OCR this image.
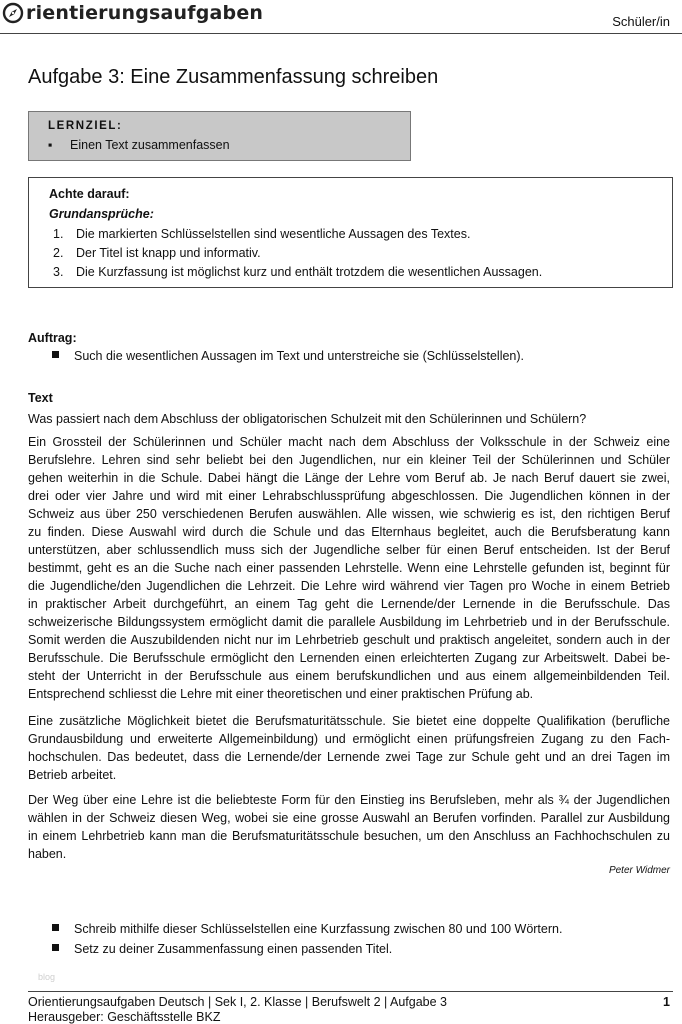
rientierungsaufgaben	Schüler/in
Aufgabe 3: Eine Zusammenfassung schreiben
LERNZIEL:
▪ Einen Text zusammenfassen
Achte darauf:
Grundansprüche:
1. Die markierten Schlüsselstellen sind wesentliche Aussagen des Textes.
2. Der Titel ist knapp und informativ.
3. Die Kurzfassung ist möglichst kurz und enthält trotzdem die wesentlichen Aussagen.
Auftrag:
Such die wesentlichen Aussagen im Text und unterstreiche sie (Schlüsselstellen).
Text
Was passiert nach dem Abschluss der obligatorischen Schulzeit mit den Schülerinnen und Schülern?
Ein Grossteil der Schülerinnen und Schüler macht nach dem Abschluss der Volksschule in der Schweiz eine
Berufslehre. Lehren sind sehr beliebt bei den Jugendlichen, nur ein kleiner Teil der Schülerinnen und Schüler
gehen weiterhin in die Schule. Dabei hängt die Länge der Lehre vom Beruf ab. Je nach Beruf dauert sie zwei,
drei oder vier Jahre und wird mit einer Lehrabschlussprüfung abgeschlossen. Die Jugendlichen können in der
Schweiz aus über 250 verschiedenen Berufen auswählen. Alle wissen, wie schwierig es ist, den richtigen Beruf
zu finden. Diese Auswahl wird durch die Schule und das Elternhaus begleitet, auch die Berufsberatung kann
unterstützen, aber schlussendlich muss sich der Jugendliche selber für einen Beruf entscheiden. Ist der Beruf
bestimmt, geht es an die Suche nach einer passenden Lehrstelle. Wenn eine Lehrstelle gefunden ist, beginnt für
die Jugendliche/den Jugendlichen die Lehrzeit. Die Lehre wird während vier Tagen pro Woche in einem Betrieb
in praktischer Arbeit durchgeführt, an einem Tag geht die Lernende/der Lernende in die Berufsschule. Das
schweizerische Bildungssystem ermöglicht damit die parallele Ausbildung im Lehrbetrieb und in der Berufsschule.
Somit werden die Auszubildenden nicht nur im Lehrbetrieb geschult und praktisch angeleitet, sondern auch in der
Berufsschule. Die Berufsschule ermöglicht den Lernenden einen erleichterten Zugang zur Arbeitswelt. Dabei be-
steht der Unterricht in der Berufsschule aus einem berufskundlichen und aus einem allgemeinbildenden Teil.
Entsprechend schliesst die Lehre mit einer theoretischen und einer praktischen Prüfung ab.
Eine zusätzliche Möglichkeit bietet die Berufsmaturitätsschule. Sie bietet eine doppelte Qualifikation (berufliche
Grundausbildung und erweiterte Allgemeinbildung) und ermöglicht einen prüfungsfreien Zugang zu den Fach-
hochschulen. Das bedeutet, dass die Lernende/der Lernende zwei Tage zur Schule geht und an drei Tagen im
Betrieb arbeitet.
Der Weg über eine Lehre ist die beliebteste Form für den Einstieg ins Berufsleben, mehr als ¾ der Jugendlichen
wählen in der Schweiz diesen Weg, wobei sie eine grosse Auswahl an Berufen vorfinden. Parallel zur Ausbildung
in einem Lehrbetrieb kann man die Berufsmaturitätsschule besuchen, um den Anschluss an Fachhochschulen zu
haben.
Peter Widmer
Schreib mithilfe dieser Schlüsselstellen eine Kurzfassung zwischen 80 und 100 Wörtern.
Setz zu deiner Zusammenfassung einen passenden Titel.
blog
Orientierungsaufgaben Deutsch | Sek I, 2. Klasse | Berufswelt 2 | Aufgabe 3
Herausgeber: Geschäftsstelle BKZ
1
